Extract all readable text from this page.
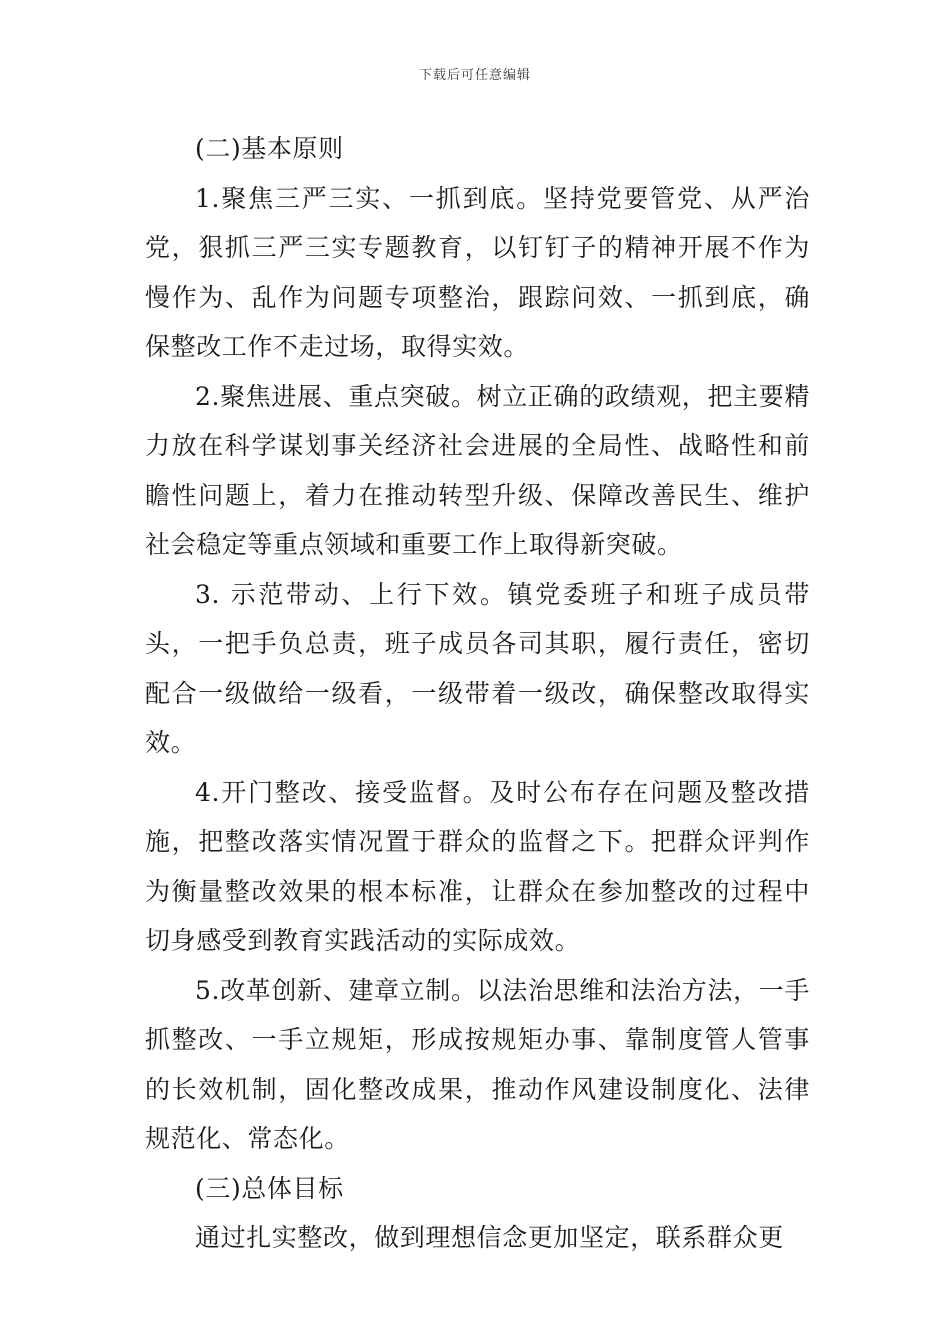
下载后可任意编辑

(二)基本原则

1.聚焦三严三实、一抓到底。坚持党要管党、从严治党，狠抓三严三实专题教育，以钉钉子的精神开展不作为慢作为、乱作为问题专项整治，跟踪问效、一抓到底，确保整改工作不走过场，取得实效。

2.聚焦进展、重点突破。树立正确的政绩观，把主要精力放在科学谋划事关经济社会进展的全局性、战略性和前瞻性问题上，着力在推动转型升级、保障改善民生、维护社会稳定等重点领域和重要工作上取得新突破。

3. 示范带动、上行下效。镇党委班子和班子成员带头，一把手负总责，班子成员各司其职，履行责任，密切配合一级做给一级看，一级带着一级改，确保整改取得实效。

4.开门整改、接受监督。及时公布存在问题及整改措施，把整改落实情况置于群众的监督之下。把群众评判作为衡量整改效果的根本标准，让群众在参加整改的过程中切身感受到教育实践活动的实际成效。

5.改革创新、建章立制。以法治思维和法治方法，一手抓整改、一手立规矩，形成按规矩办事、靠制度管人管事的长效机制，固化整改成果，推动作风建设制度化、法律规范化、常态化。

(三)总体目标

通过扎实整改，做到理想信念更加坚定，联系群众更
